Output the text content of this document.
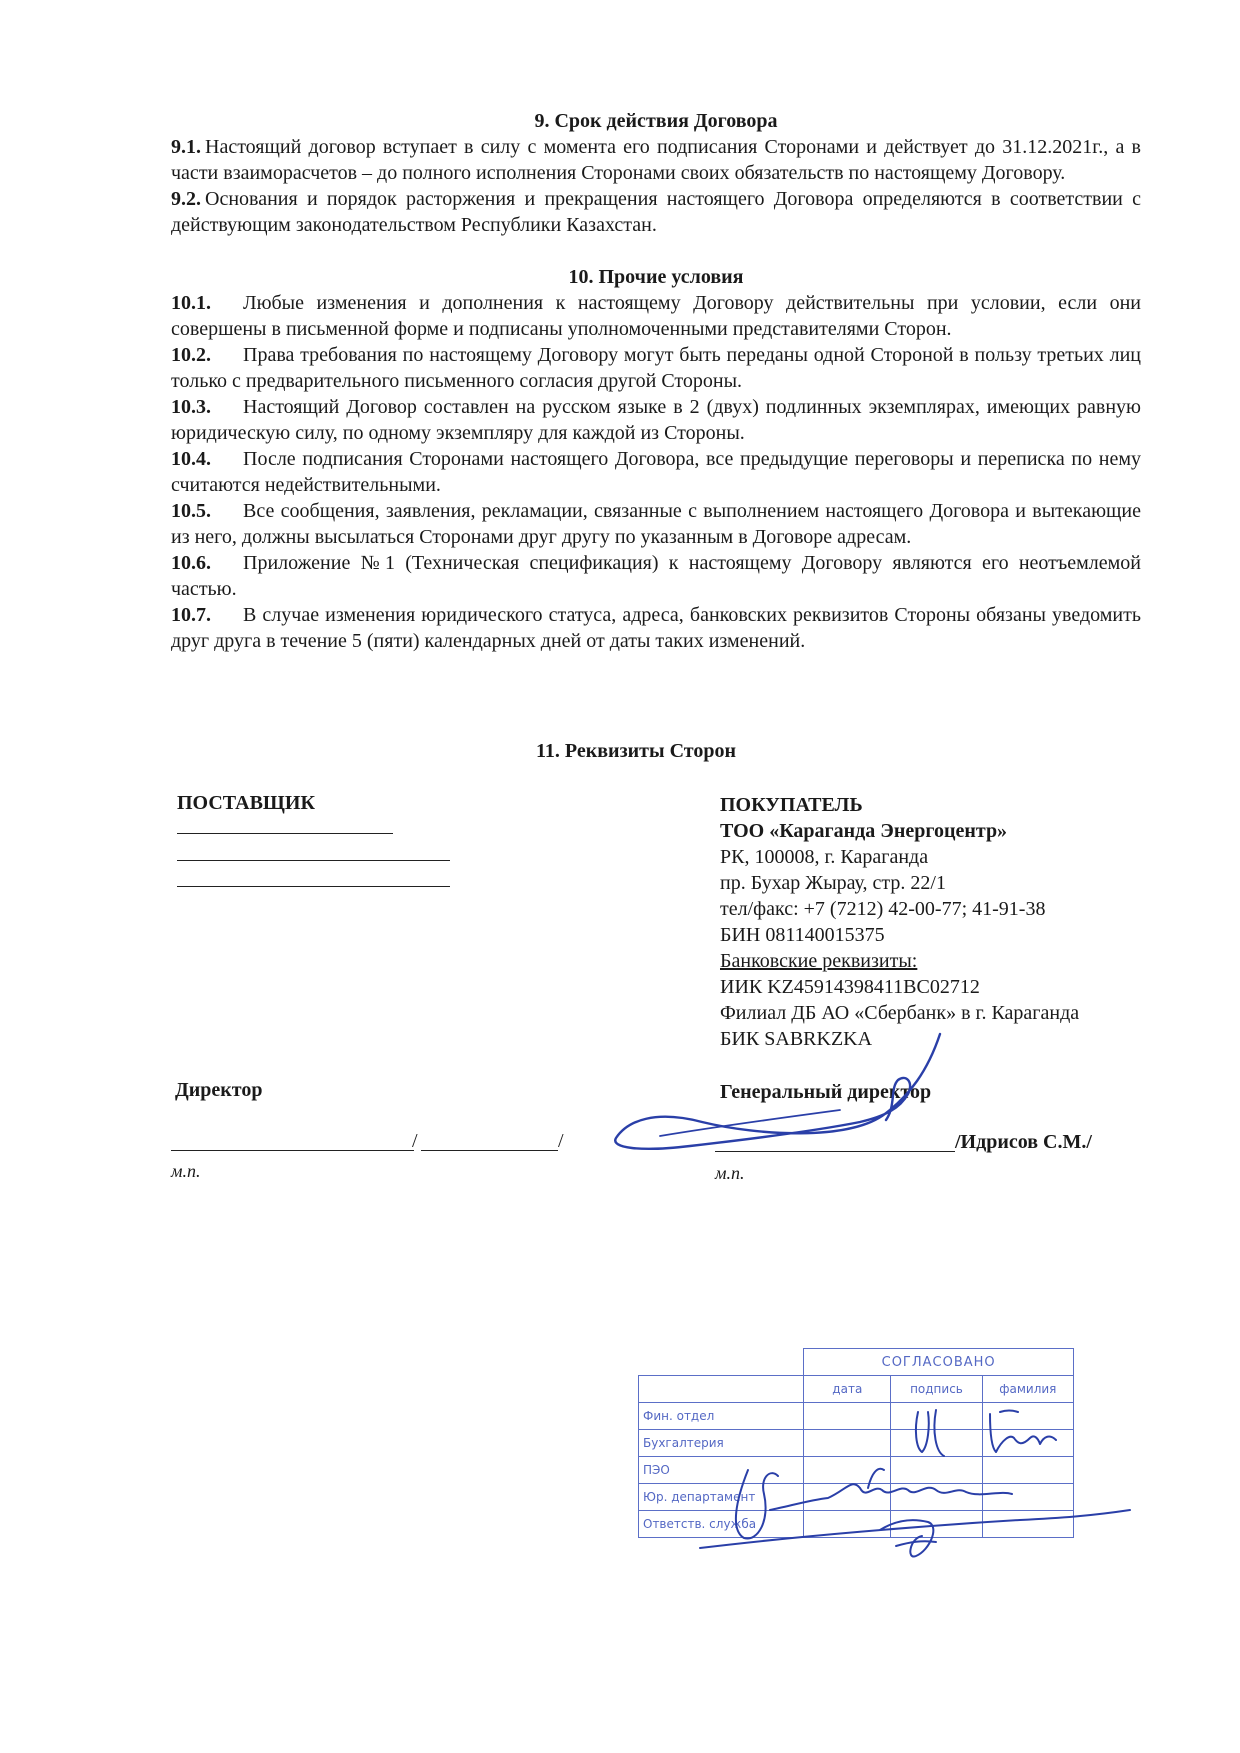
9. Срок действия Договора

9.1. Настоящий договор вступает в силу с момента его подписания Сторонами и действует до 31.12.2021г., а в части взаиморасчетов – до полного исполнения Сторонами своих обязательств по настоящему Договору.

9.2. Основания и порядок расторжения и прекращения настоящего Договора определяются в соответствии с действующим законодательством Республики Казахстан.

10. Прочие условия

10.1. Любые изменения и дополнения к настоящему Договору действительны при условии, если они совершены в письменной форме и подписаны уполномоченными представителями Сторон.

10.2. Права требования по настоящему Договору могут быть переданы одной Стороной в пользу третьих лиц только с предварительного письменного согласия другой Стороны.

10.3. Настоящий Договор составлен на русском языке в 2 (двух) подлинных экземплярах, имеющих равную юридическую силу, по одному экземпляру для каждой из Стороны.

10.4. После подписания Сторонами настоящего Договора, все предыдущие переговоры и переписка по нему считаются недействительными.

10.5. Все сообщения, заявления, рекламации, связанные с выполнением настоящего Договора и вытекающие из него, должны высылаться Сторонами друг другу по указанным в Договоре адресам.

10.6. Приложение №1 (Техническая спецификация) к настоящему Договору являются его неотъемлемой частью.

10.7. В случае изменения юридического статуса, адреса, банковских реквизитов Стороны обязаны уведомить друг друга в течение 5 (пяти) календарных дней от даты таких изменений.

11. Реквизиты Сторон

ПОСТАВЩИК

Директор

/	/

м.п.

ПОКУПАТЕЛЬ

ТОО «Караганда Энергоцентр»

РК, 100008, г. Караганда

пр. Бухар Жырау, стр. 22/1

тел/факс: +7 (7212) 42-00-77; 41-91-38

БИН 081140015375

Банковские реквизиты:

ИИК KZ45914398411BC02712

Филиал ДБ АО «Сбербанк» в г. Караганда

БИК SABRKZKA

Генеральный директор

/Идрисов С.М./

м.п.

	СОГЛАСОВАНО		
	дата	подпись	фамилия
Фин. отдел			
Бухгалтерия			
ПЭО			
Юр. департамент			
Ответств. служба			
